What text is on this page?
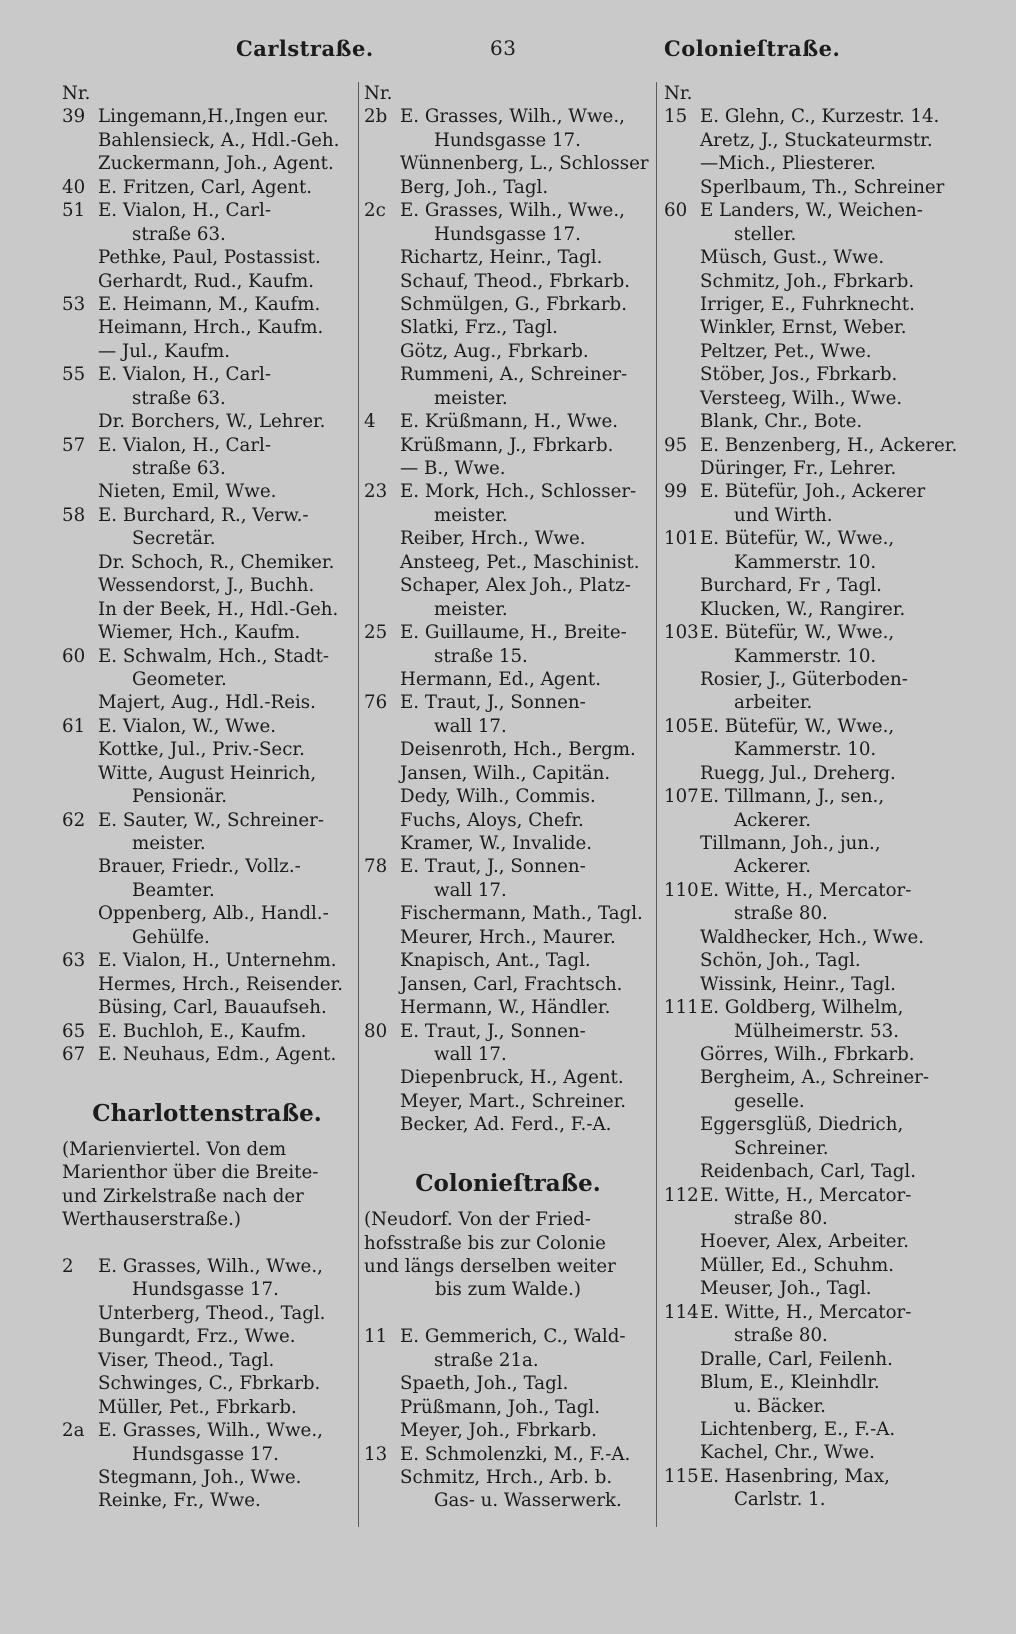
Carlstraße.	63	Colonieſtraße.
Nr.
39 Lingemann,H.,Ingen eur.
Bahlensieck, A., Hdl.-Geh.
Zuckermann, Joh., Agent.
40 E. Fritzen, Carl, Agent.
51 E. Vialon, H., Carl-
straße 63.
Pethke, Paul, Postassist.
Gerhardt, Rud., Kaufm.
53 E. Heimann, M., Kaufm.
Heimann, Hrch., Kaufm.
— Jul., Kaufm.
55 E. Vialon, H., Carl-
straße 63.
Dr. Borchers, W., Lehrer.
57 E. Vialon, H., Carl-
straße 63.
Nieten, Emil, Wwe.
58 E. Burchard, R., Verw.-
Secretär.
Dr. Schoch, R., Chemiker.
Wessendorst, J., Buchh.
In der Beek, H., Hdl.-Geh.
Wiemer, Hch., Kaufm.
60 E. Schwalm, Hch., Stadt-
Geometer.
Majert, Aug., Hdl.-Reis.
61 E. Vialon, W., Wwe.
Kottke, Jul., Priv.-Secr.
Witte, August Heinrich,
Pensionär.
62 E. Sauter, W., Schreiner-
meister.
Brauer, Friedr., Vollz.-
Beamter.
Oppenberg, Alb., Handl.-
Gehülfe.
63 E. Vialon, H., Unternehm.
Hermes, Hrch., Reisender.
Büsing, Carl, Bauaufseh.
65 E. Buchloh, E., Kaufm.
67 E. Neuhaus, Edm., Agent.
Charlottenstraße.
(Marienviertel. Von dem
Marienthor über die Breite-
und Zirkelstraße nach der
Werthauserstraße.)
2	E. Grasses, Wilh., Wwe.,
Hundsgasse 17.
Unterberg, Theod., Tagl.
Bungardt, Frz., Wwe.
Viser, Theod., Tagl.
Schwinges, C., Fbrkarb.
Müller, Pet., Fbrkarb.
2a E. Grasses, Wilh., Wwe.,
Hundsgasse 17.
Stegmann, Joh., Wwe.
Reinke, Fr., Wwe.
Nr.
2b E. Grasses, Wilh., Wwe.,
Hundsgasse 17.
Wünnenberg, L., Schlosser
Berg, Joh., Tagl.
2c E. Grasses, Wilh., Wwe.,
Hundsgasse 17.
Richartz, Heinr., Tagl.
Schauf, Theod., Fbrkarb.
Schmülgen, G., Fbrkarb.
Slatki, Frz., Tagl.
Götz, Aug., Fbrkarb.
Rummeni, A., Schreiner-
meister.
4	E. Krüßmann, H., Wwe.
Krüßmann, J., Fbrkarb.
— B., Wwe.
23 E. Mork, Hch., Schlosser-
meister.
Reiber, Hrch., Wwe.
Ansteeg, Pet., Maschinist.
Schaper, Alex Joh., Platz-
meister.
25 E. Guillaume, H., Breite-
straße 15.
Hermann, Ed., Agent.
76 E. Traut, J., Sonnen-
wall 17.
Deisenroth, Hch., Bergm.
Jansen, Wilh., Capitän.
Dedy, Wilh., Commis.
Fuchs, Aloys, Chefr.
Kramer, W., Invalide.
78 E. Traut, J., Sonnen-
wall 17.
Fischermann, Math., Tagl.
Meurer, Hrch., Maurer.
Knapisch, Ant., Tagl.
Jansen, Carl, Frachtsch.
Hermann, W., Händler.
80 E. Traut, J., Sonnen-
wall 17.
Diepenbruck, H., Agent.
Meyer, Mart., Schreiner.
Becker, Ad. Ferd., F.-A.
Colonieſtraße.
(Neudorf. Von der Fried-
hofsstraße bis zur Colonie
und längs derselben weiter
bis zum Walde.)
11 E. Gemmerich, C., Wald-
straße 21a.
Spaeth, Joh., Tagl.
Prüßmann, Joh., Tagl.
Meyer, Joh., Fbrkarb.
13 E. Schmolenzki, M., F.-A.
Schmitz, Hrch., Arb. b.
Gas- u. Wasserwerk.
Nr.
15 E. Glehn, C., Kurzestr. 14.
Aretz, J., Stuckateurmstr.
—Mich., Pliesterer.
Sperlbaum, Th., Schreiner
60 E Landers, W., Weichen-
steller.
Müsch, Gust., Wwe.
Schmitz, Joh., Fbrkarb.
Irriger, E., Fuhrknecht.
Winkler, Ernst, Weber.
Peltzer, Pet., Wwe.
Stöber, Jos., Fbrkarb.
Versteeg, Wilh., Wwe.
Blank, Chr., Bote.
95 E. Benzenberg, H., Ackerer.
Düringer, Fr., Lehrer.
99 E. Bütefür, Joh., Ackerer
und Wirth.
101 E. Bütefür, W., Wwe.,
Kammerstr. 10.
Burchard, Fr , Tagl.
Klucken, W., Rangirer.
103 E. Bütefür, W., Wwe.,
Kammerstr. 10.
Rosier, J., Güterboden-
arbeiter.
105 E. Bütefür, W., Wwe.,
Kammerstr. 10.
Ruegg, Jul., Dreherg.
107 E. Tillmann, J., sen.,
Ackerer.
Tillmann, Joh., jun.,
Ackerer.
110 E. Witte, H., Mercator-
straße 80.
Waldhecker, Hch., Wwe.
Schön, Joh., Tagl.
Wissink, Heinr., Tagl.
111 E. Goldberg, Wilhelm,
Mülheimerstr. 53.
Görres, Wilh., Fbrkarb.
Bergheim, A., Schreiner-
geselle.
Eggersglüß, Diedrich,
Schreiner.
Reidenbach, Carl, Tagl.
112 E. Witte, H., Mercator-
straße 80.
Hoever, Alex, Arbeiter.
Müller, Ed., Schuhm.
Meuser, Joh., Tagl.
114 E. Witte, H., Mercator-
straße 80.
Dralle, Carl, Feilenh.
Blum, E., Kleinhdlr.
u. Bäcker.
Lichtenberg, E., F.-A.
Kachel, Chr., Wwe.
115 E. Hasenbring, Max,
Carlstr. 1.
